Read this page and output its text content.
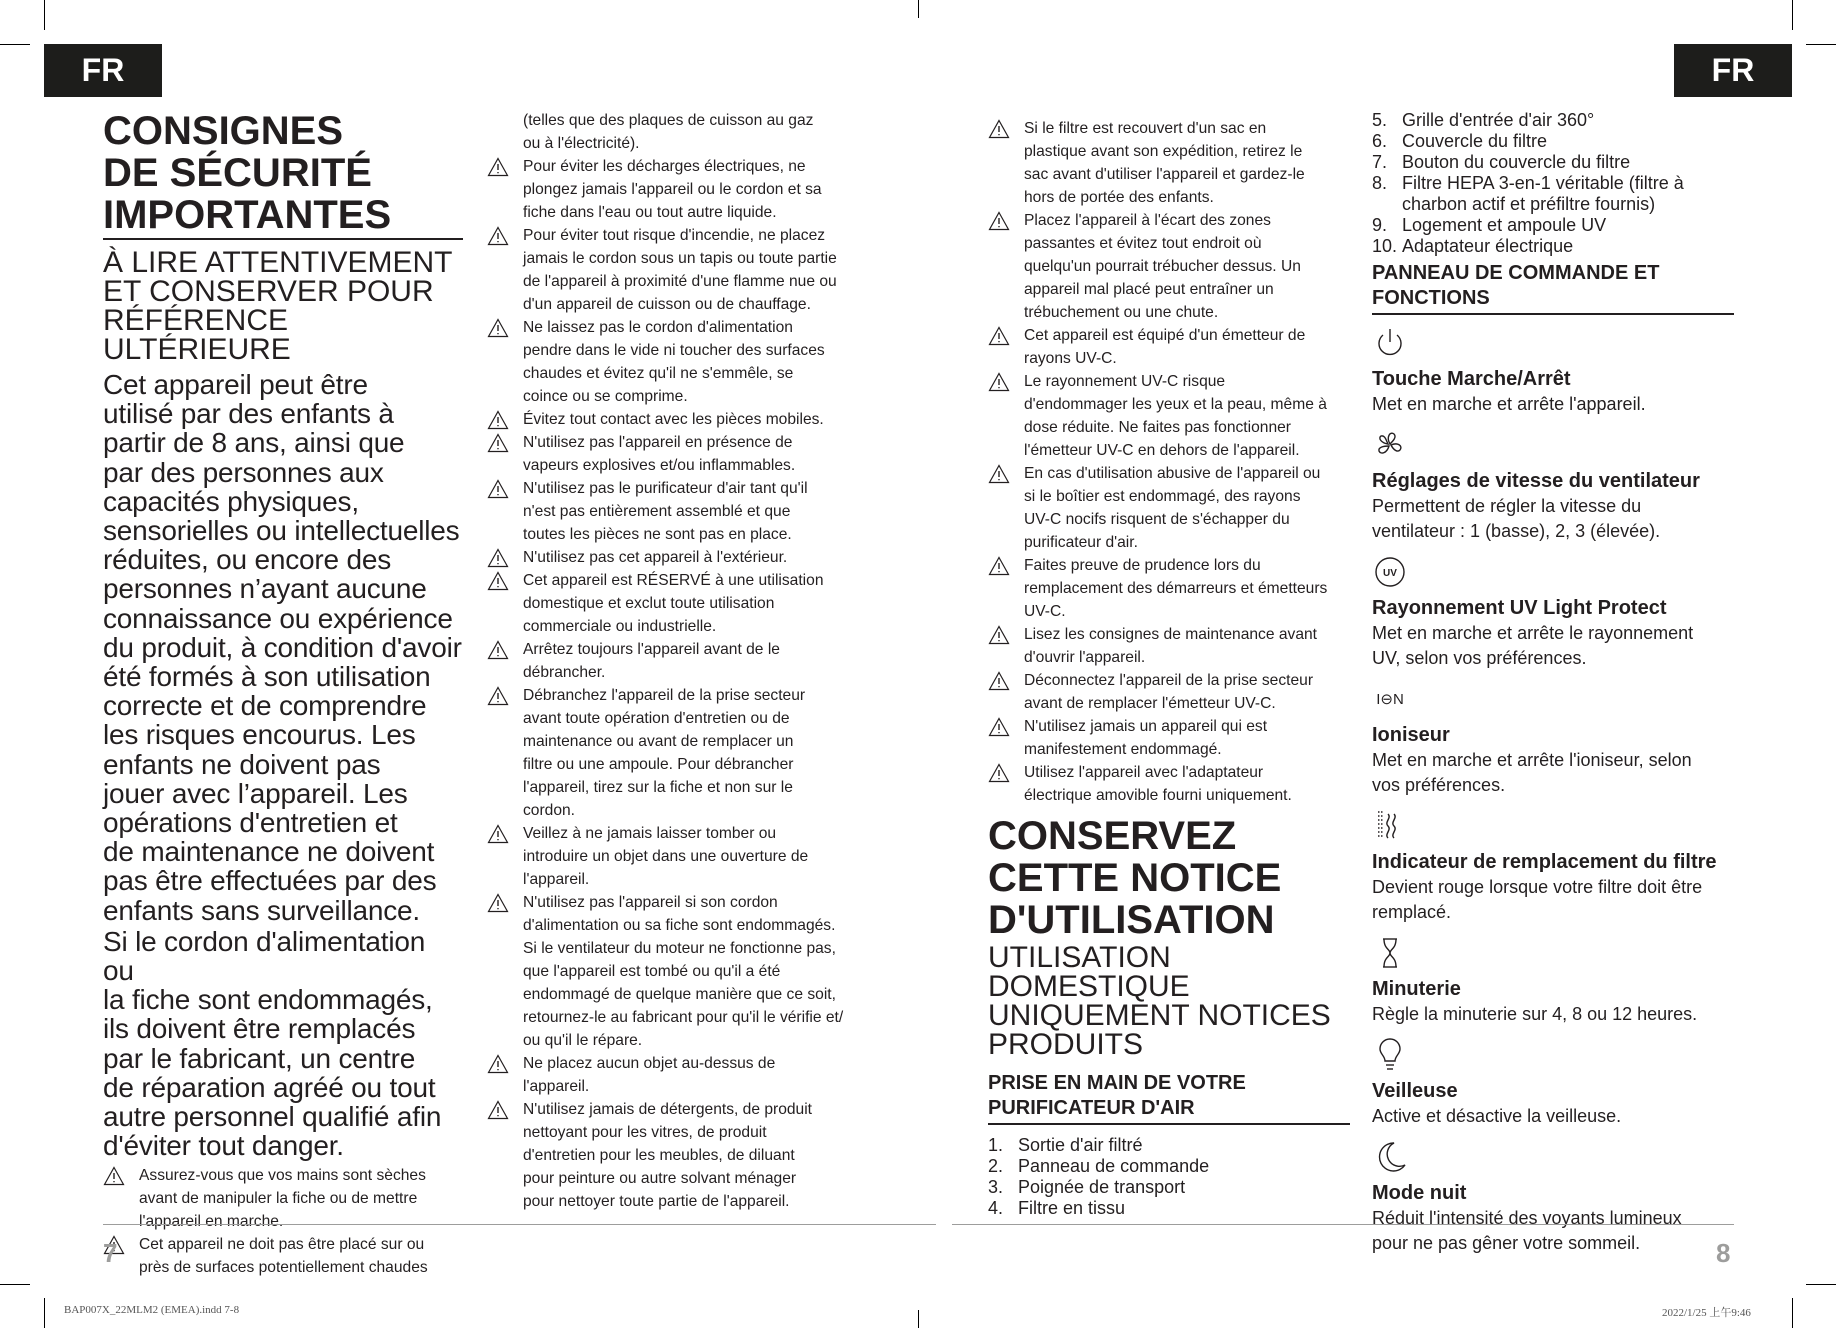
FR	FR
CONSIGNES
DE SÉCURITÉ
IMPORTANTES
À LIRE ATTENTIVEMENT
ET CONSERVER POUR
RÉFÉRENCE ULTÉRIEURE
Cet appareil peut être
utilisé par des enfants à
partir de 8 ans, ainsi que
par des personnes aux
capacités physiques,
sensorielles ou intellectuelles
réduites, ou encore des
personnes n’ayant aucune
connaissance ou expérience
du produit, à condition d'avoir
été formés à son utilisation
correcte et de comprendre
les risques encourus. Les
enfants ne doivent pas
jouer avec l’appareil. Les
opérations d'entretien et
de maintenance ne doivent
pas être effectuées par des
enfants sans surveillance.
Si le cordon d'alimentation ou
la fiche sont endommagés,
ils doivent être remplacés
par le fabricant, un centre
de réparation agréé ou tout
autre personnel qualifié afin
d'éviter tout danger.
Assurez-vous que vos mains sont sèches
avant de manipuler la fiche ou de mettre
l'appareil en marche.
Cet appareil ne doit pas être placé sur ou
près de surfaces potentiellement chaudes
(telles que des plaques de cuisson au gaz
ou à l'électricité).
Pour éviter les décharges électriques, ne
plongez jamais l'appareil ou le cordon et sa
fiche dans l'eau ou tout autre liquide.
Pour éviter tout risque d'incendie, ne placez
jamais le cordon sous un tapis ou toute partie
de l'appareil à proximité d'une flamme nue ou
d'un appareil de cuisson ou de chauffage.
Ne laissez pas le cordon d'alimentation
pendre dans le vide ni toucher des surfaces
chaudes et évitez qu'il ne s'emmêle, se
coince ou se comprime.
Évitez tout contact avec les pièces mobiles.
N'utilisez pas l'appareil en présence de
vapeurs explosives et/ou inflammables.
N'utilisez pas le purificateur d'air tant qu'il
n'est pas entièrement assemblé et que
toutes les pièces ne sont pas en place.
N'utilisez pas cet appareil à l'extérieur.
Cet appareil est RÉSERVÉ à une utilisation
domestique et exclut toute utilisation
commerciale ou industrielle.
Arrêtez toujours l'appareil avant de le
débrancher.
Débranchez l'appareil de la prise secteur
avant toute opération d'entretien ou de
maintenance ou avant de remplacer un
filtre ou une ampoule. Pour débrancher
l'appareil, tirez sur la fiche et non sur le
cordon.
Veillez à ne jamais laisser tomber ou
introduire un objet dans une ouverture de
l'appareil.
N'utilisez pas l'appareil si son cordon
d'alimentation ou sa fiche sont endommagés.
Si le ventilateur du moteur ne fonctionne pas,
que l'appareil est tombé ou qu'il a été
endommagé de quelque manière que ce soit,
retournez-le au fabricant pour qu'il le vérifie et/
ou qu'il le répare.
Ne placez aucun objet au-dessus de
l'appareil.
N'utilisez jamais de détergents, de produit
nettoyant pour les vitres, de produit
d'entretien pour les meubles, de diluant
pour peinture ou autre solvant ménager
pour nettoyer toute partie de l'appareil.
Si le filtre est recouvert d'un sac en
plastique avant son expédition, retirez le
sac avant d'utiliser l'appareil et gardez-le
hors de portée des enfants.
Placez l'appareil à l'écart des zones
passantes et évitez tout endroit où
quelqu'un pourrait trébucher dessus. Un
appareil mal placé peut entraîner un
trébuchement ou une chute.
Cet appareil est équipé d'un émetteur de
rayons UV-C.
Le rayonnement UV-C risque
d'endommager les yeux et la peau, même à
dose réduite. Ne faites pas fonctionner
l'émetteur UV-C en dehors de l'appareil.
En cas d'utilisation abusive de l'appareil ou
si le boîtier est endommagé, des rayons
UV-C nocifs risquent de s'échapper du
purificateur d'air.
Faites preuve de prudence lors du
remplacement des démarreurs et émetteurs
UV-C.
Lisez les consignes de maintenance avant
d'ouvrir l'appareil.
Déconnectez l'appareil de la prise secteur
avant de remplacer l'émetteur UV-C.
N'utilisez jamais un appareil qui est
manifestement endommagé.
Utilisez l'appareil avec l'adaptateur
électrique amovible fourni uniquement.
CONSERVEZ
CETTE NOTICE
D'UTILISATION
UTILISATION
DOMESTIQUE
UNIQUEMENT NOTICES
PRODUITS
PRISE EN MAIN DE VOTRE
PURIFICATEUR D'AIR
1. Sortie d'air filtré
2. Panneau de commande
3. Poignée de transport
4. Filtre en tissu
5. Grille d'entrée d'air 360°
6. Couvercle du filtre
7. Bouton du couvercle du filtre
8. Filtre HEPA 3-en-1 véritable (filtre à
charbon actif et préfiltre fournis)
9. Logement et ampoule UV
10. Adaptateur électrique
PANNEAU DE COMMANDE ET
FONCTIONS
Touche Marche/Arrêt
Met en marche et arrête l'appareil.
Réglages de vitesse du ventilateur
Permettent de régler la vitesse du
ventilateur : 1 (basse), 2, 3 (élevée).
UV
Rayonnement UV Light Protect
Met en marche et arrête le rayonnement
UV, selon vos préférences.
I⊖N
Ioniseur
Met en marche et arrête l'ioniseur, selon
vos préférences.
Indicateur de remplacement du filtre
Devient rouge lorsque votre filtre doit être
remplacé.
Minuterie
Règle la minuterie sur 4, 8 ou 12 heures.
Veilleuse
Active et désactive la veilleuse.
Mode nuit
Réduit l'intensité des voyants lumineux
pour ne pas gêner votre sommeil.
7	8
BAP007X_22MLM2 (EMEA).indd 7-8	2022/1/25 上午9:46
